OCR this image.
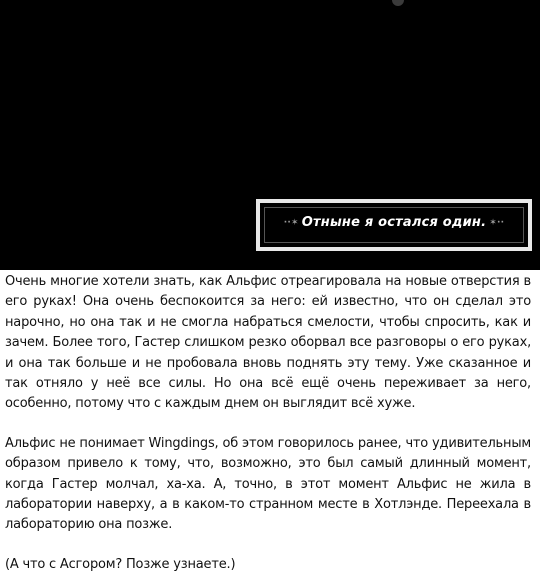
··✶ Отныне я остался один. ✶··

Очень многие хотели знать, как Альфис отреагировала на новые отверстия в его руках! Она очень беспокоится за него: ей известно, что он сделал это нарочно, но она так и не смогла набраться смелости, чтобы спросить, как и зачем. Более того, Гастер слишком резко оборвал все разговоры о его руках, и она так больше и не пробовала вновь поднять эту тему. Уже сказанное и так отняло у неё все силы. Но она всё ещё очень переживает за него, особенно, потому что с каждым днем он выглядит всё хуже.

Альфис не понимает Wingdings, об этом говорилось ранее, что удивительным образом привело к тому, что, возможно, это был самый длинный момент, когда Гастер молчал, ха-ха. А, точно, в этот момент Альфис не жила в лаборатории наверху, а в каком-то странном месте в Хотлэнде. Переехала в лабораторию она позже.

(А что с Асгором? Позже узнаете.)
